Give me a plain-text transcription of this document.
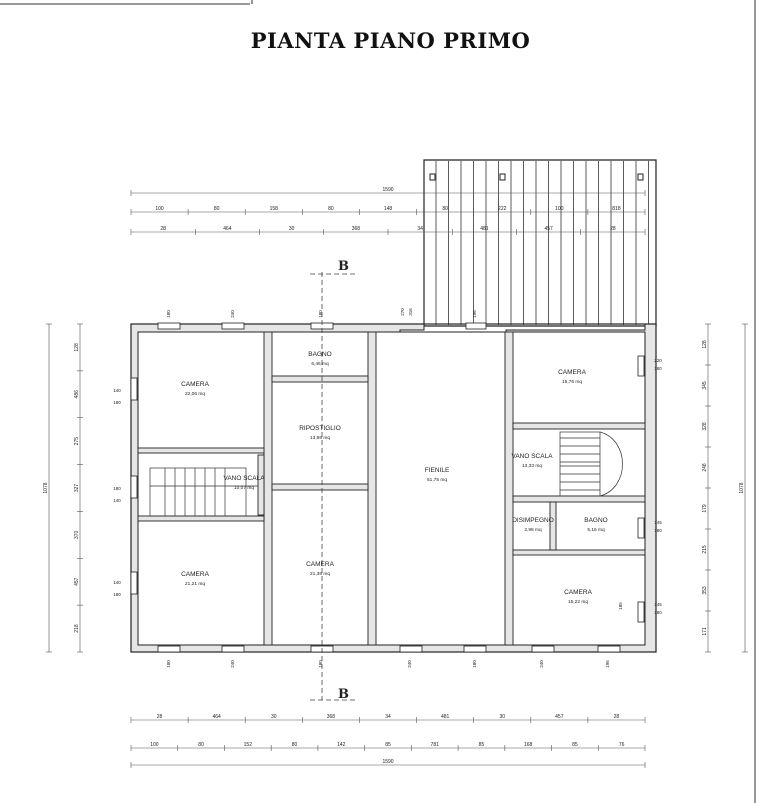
PIANTA PIANO PRIMO
B
B
CAMERA
22,06 mq
VANO SCALA
10,07 mq
CAMERA
21,21 mq
BAGNO
6,46 mq
RIPOSTIGLIO
13,98 mq
CAMERA
21,38 mq
FIENILE
51,75 mq
CAMERA
15,76 mq
VANO SCALA
13,33 mq
DISIMPEGNO
2,98 mq
BAGNO
5,16 mq
CAMERA
15,22 mq
1590
100	80	158	80	148	80	222	100	818
28	464	30	368	34	481	457	28
28	464	30	368	34	481	30	457	28
100	80	152	80	142	85	781	85	168	85	76
1590
1078
128
486
275
327
370
457
218
128
345
328
248
179
215
353
171
1078
180	240	180	270	196
180	240	180	240	180	240	196
140
180
140
180
140
180
220
180
145
180
145
180
316
185
